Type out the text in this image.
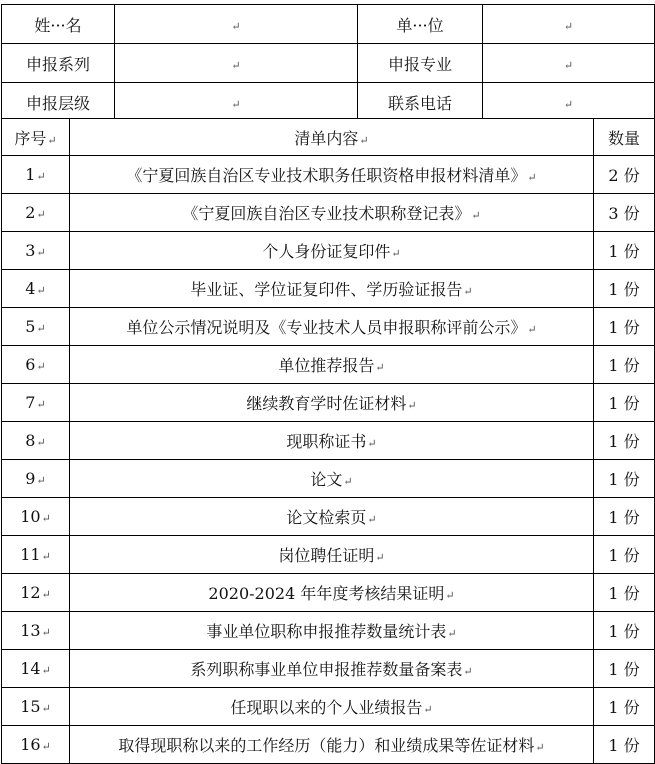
姓···名	↵	单···位	↵
申报系列	↵	申报专业	↵
申报层级	↵	联系电话	↵
序号↵	清单内容↵	数量
1↵	《宁夏回族自治区专业技术职务任职资格申报材料清单》↵	2 份
2↵	《宁夏回族自治区专业技术职称登记表》↵	3 份
3↵	个人身份证复印件↵	1 份
4↵	毕业证、学位证复印件、学历验证报告↵	1 份
5↵	单位公示情况说明及《专业技术人员申报职称评前公示》↵	1 份
6↵	单位推荐报告↵	1 份
7↵	继续教育学时佐证材料↵	1 份
8↵	现职称证书↵	1 份
9↵	论文↵	1 份
10↵	论文检索页↵	1 份
11↵	岗位聘任证明↵	1 份
12↵	2020-2024 年年度考核结果证明↵	1 份
13↵	事业单位职称申报推荐数量统计表↵	1 份
14↵	系列职称事业单位申报推荐数量备案表↵	1 份
15↵	任现职以来的个人业绩报告↵	1 份
16↵	取得现职称以来的工作经历（能力）和业绩成果等佐证材料↵	1 份
